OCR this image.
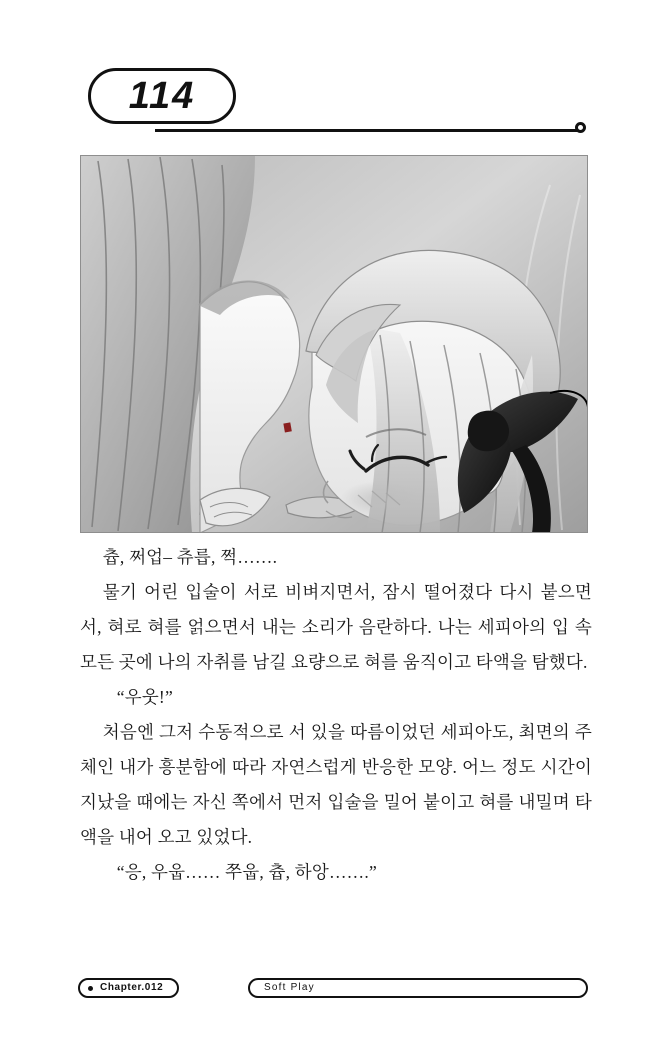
114

츕, 쩌업– 츄릅, 쩍…….

물기 어린 입술이 서로 비벼지면서, 잠시 떨어졌다 다시 붙으면서, 혀로 혀를 얽으면서 내는 소리가 음란하다. 나는 세피아의 입 속 모든 곳에 나의 자취를 남길 요량으로 혀를 움직이고 타액을 탐했다.

“우웃!”

처음엔 그저 수동적으로 서 있을 따름이었던 세피아도, 최면의 주체인 내가 흥분함에 따라 자연스럽게 반응한 모양. 어느 정도 시간이 지났을 때에는 자신 쪽에서 먼저 입술을 밀어 붙이고 혀를 내밀며 타액을 내어 오고 있었다.

“응, 우웁…… 쭈웁, 츕, 하앙…….”

Chapter.012	Soft Play
